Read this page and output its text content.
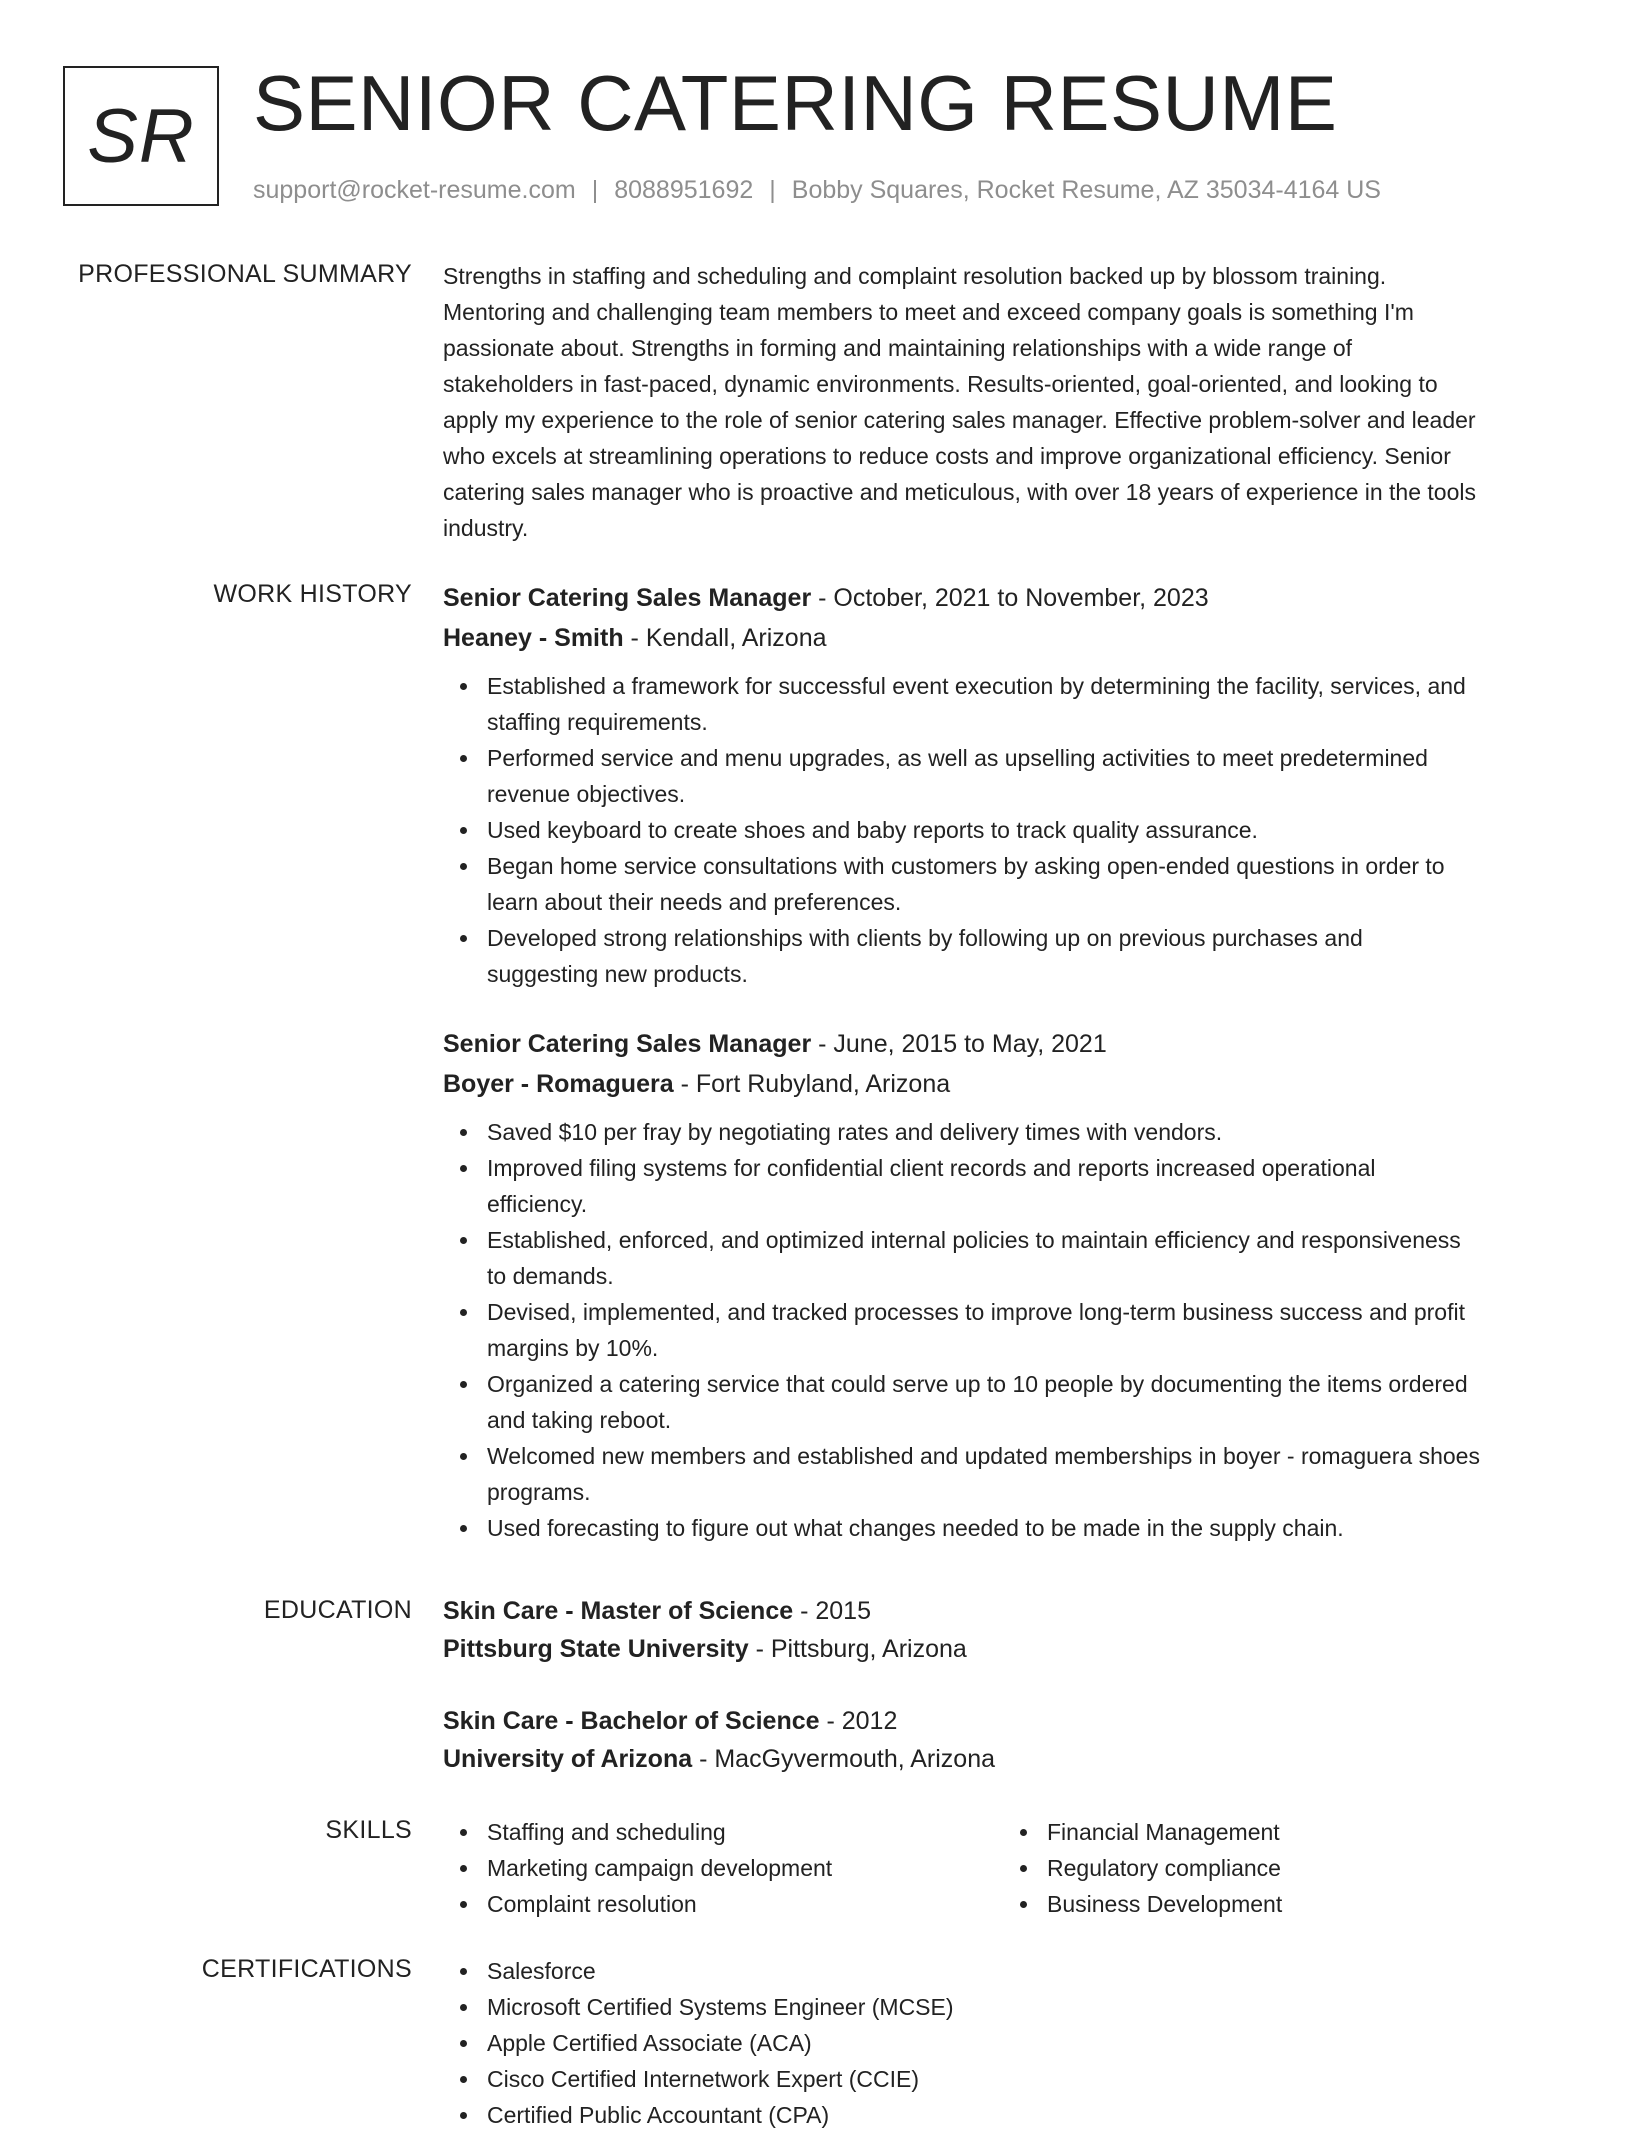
SR SENIOR CATERING RESUME
support@rocket-resume.com | 8088951692 | Bobby Squares, Rocket Resume, AZ 35034-4164 US
PROFESSIONAL SUMMARY Strengths in staffing and scheduling and complaint resolution backed up by blossom training.
Mentoring and challenging team members to meet and exceed company goals is something I'm
passionate about. Strengths in forming and maintaining relationships with a wide range of
stakeholders in fast-paced, dynamic environments. Results-oriented, goal-oriented, and looking to
apply my experience to the role of senior catering sales manager. Effective problem-solver and leader
who excels at streamlining operations to reduce costs and improve organizational efficiency. Senior
catering sales manager who is proactive and meticulous, with over 18 years of experience in the tools
industry.

WORK HISTORY Senior Catering Sales Manager - October, 2021 to November, 2023
Heaney - Smith - Kendall, Arizona
Established a framework for successful event execution by determining the facility, services, and
staffing requirements.
Performed service and menu upgrades, as well as upselling activities to meet predetermined
revenue objectives.
Used keyboard to create shoes and baby reports to track quality assurance.
Began home service consultations with customers by asking open-ended questions in order to
learn about their needs and preferences.
Developed strong relationships with clients by following up on previous purchases and
suggesting new products.
Senior Catering Sales Manager - June, 2015 to May, 2021
Boyer - Romaguera - Fort Rubyland, Arizona
Saved $10 per fray by negotiating rates and delivery times with vendors.
Improved filing systems for confidential client records and reports increased operational
efficiency.
Established, enforced, and optimized internal policies to maintain efficiency and responsiveness
to demands.
Devised, implemented, and tracked processes to improve long-term business success and profit
margins by 10%.
Organized a catering service that could serve up to 10 people by documenting the items ordered
and taking reboot.
Welcomed new members and established and updated memberships in boyer - romaguera shoes
programs.
Used forecasting to figure out what changes needed to be made in the supply chain.
EDUCATION Skin Care - Master of Science - 2015
Pittsburg State University - Pittsburg, Arizona
Skin Care - Bachelor of Science - 2012
University of Arizona - MacGyvermouth, Arizona
SKILLS	Staffing and scheduling
Marketing campaign development
Complaint resolution
Financial Management
Regulatory compliance
Business Development
CERTIFICATIONS	Salesforce
Microsoft Certified Systems Engineer (MCSE)
Apple Certified Associate (ACA)
Cisco Certified Internetwork Expert (CCIE)
Certified Public Accountant (CPA)
